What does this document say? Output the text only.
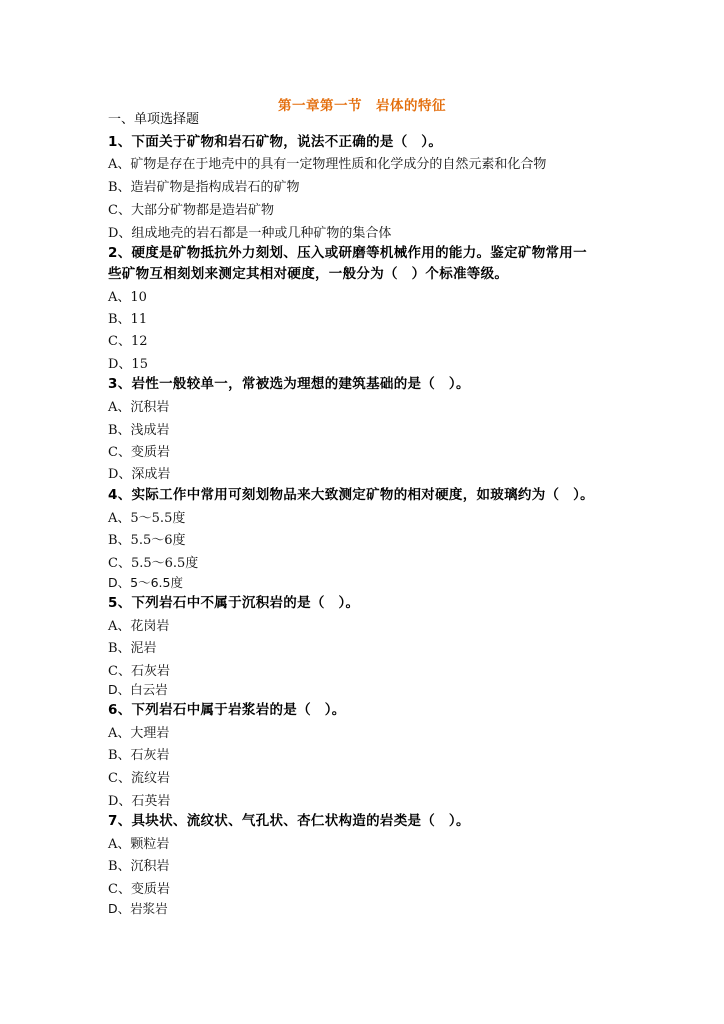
第一章第一节　岩体的特征
一、单项选择题
1、下面关于矿物和岩石矿物，说法不正确的是（　）。
A、矿物是存在于地壳中的具有一定物理性质和化学成分的自然元素和化合物
B、造岩矿物是指构成岩石的矿物
C、大部分矿物都是造岩矿物
D、组成地壳的岩石都是一种或几种矿物的集合体
2、硬度是矿物抵抗外力刻划、压入或研磨等机械作用的能力。鉴定矿物常用一
些矿物互相刻划来测定其相对硬度，一般分为（　）个标准等级。
A、10
B、11
C、12
D、15
3、岩性一般较单一，常被选为理想的建筑基础的是（　）。
A、沉积岩
B、浅成岩
C、变质岩
D、深成岩
4、实际工作中常用可刻划物品来大致测定矿物的相对硬度，如玻璃约为（　）。
A、5～5.5度
B、5.5～6度
C、5.5～6.5度
D、5～6.5度
5、下列岩石中不属于沉积岩的是（　）。
A、花岗岩
B、泥岩
C、石灰岩
D、白云岩
6、下列岩石中属于岩浆岩的是（　）。
A、大理岩
B、石灰岩
C、流纹岩
D、石英岩
7、具块状、流纹状、气孔状、杏仁状构造的岩类是（　）。
A、颗粒岩
B、沉积岩
C、变质岩
D、岩浆岩
